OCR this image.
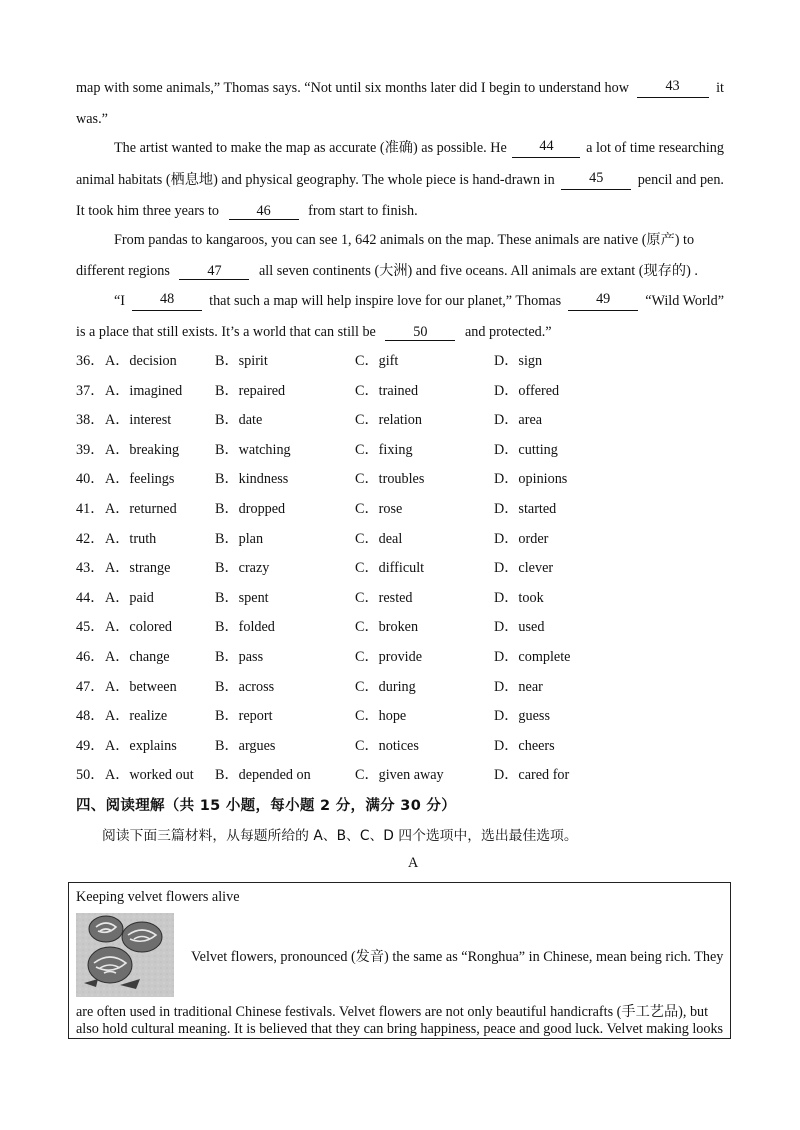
map with some animals,” Thomas says. “Not until six months later did I begin to understand how	43	it
was.”
The artist wanted to make the map as accurate (准确) as possible. He	44	a lot of time researching
animal habitats (栖息地) and physical geography. The whole piece is hand-drawn in	45	pencil and pen.
It took him three years to	46	from start to finish.
From pandas to kangaroos, you can see 1, 642 animals on the map. These animals are native (原产) to
different regions	47	all seven continents (大洲) and five oceans. All animals are extant (现存的) .
“I	48	that such a map will help inspire love for our planet,” Thomas	49	“Wild World”
is a place that still exists. It’s a world that can still be	50	and protected.”
36． A．decision	B．spirit	C．gift	D．sign
37． A．imagined B．repaired	C．trained	D．offered
38． A．interest	B．date	C．relation	D．area
39． A．breaking	B．watching	C．fixing	D．cutting
40． A．feelings	B．kindness	C．troubles	D．opinions
41． A．returned	B．dropped	C．rose	D．started
42． A．truth	B．plan	C．deal	D．order
43． A．strange	B．crazy	C．difficult	D．clever
44． A．paid	B．spent	C．rested	D．took
45． A．colored	B．folded	C．broken	D．used
46． A．change	B．pass	C．provide	D．complete
47． A．between	B．across	C．during	D．near
48． A．realize	B．report	C．hope	D．guess
49． A．explains	B．argues	C．notices	D．cheers
50． A．worked out B．depended on	C．given away	D．cared for
四、阅读理解（共 15 小题，每小题 2 分，满分 30 分）
阅读下面三篇材料，从每题所给的 A、B、C、D 四个选项中，选出最佳选项。
A
Keeping velvet flowers alive
Velvet flowers, pronounced (发音) the same as “Ronghua” in Chinese, mean being rich. They
are often used in traditional Chinese festivals. Velvet flowers are not only beautiful handicrafts (手工艺品), but
also hold cultural meaning. It is believed that they can bring happiness, peace and good luck. Velvet making looks
